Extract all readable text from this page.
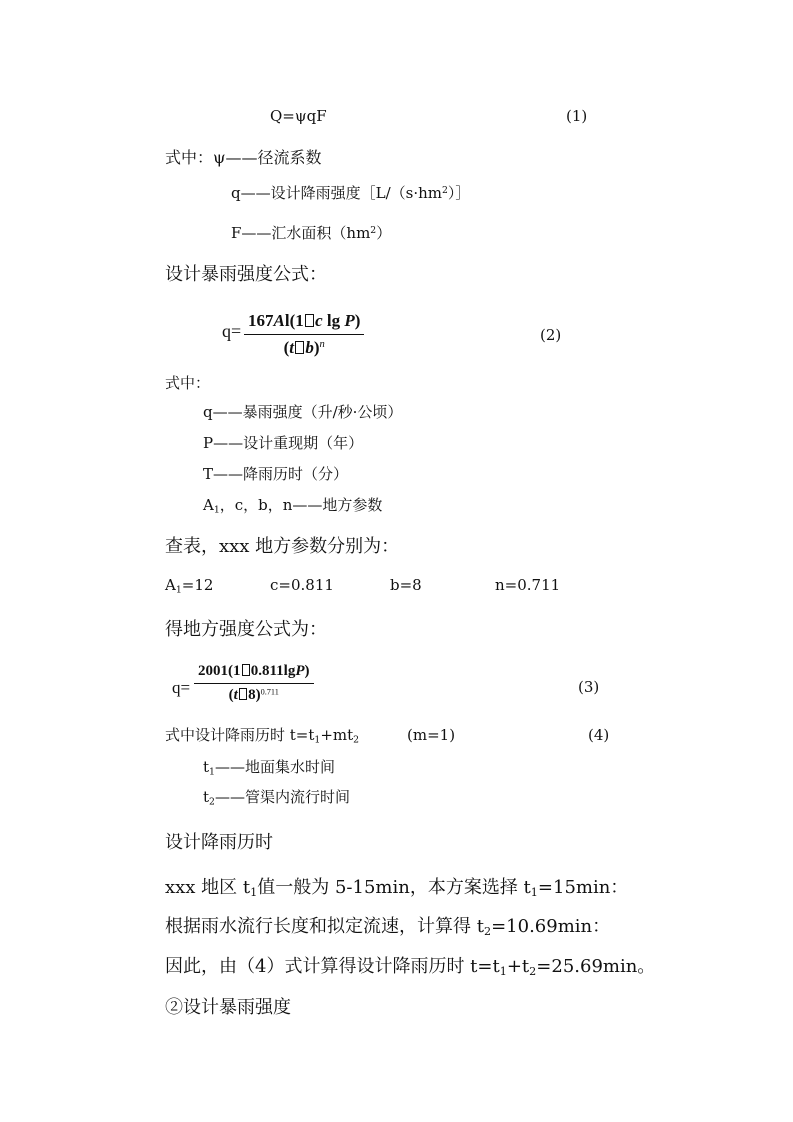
Q=ψqF	(1)
式中：ψ——径流系数
q——设计降雨强度$[L/(s\cdot hm^2)]$
F——汇水面积$(hm^2)$
设计暴雨强度公式：
q=
167Al(1 c lg P)
(t b)$^n$
(2)
式中：
q——暴雨强度（升/秒·公顷）
P——设计重现期（年）
T——降雨历时（分）
$A_1$，c，b，n——地方参数
查表，xxx 地方参数分别为：
$A_1=12$	c=0.811	b=8	n=0.711
得地方强度公式为：
q=
2001(1 0.811lgP)
(t 8)$^{0.711}$	(3)
式中设计降雨历时 $t=t_1+mt_2$	(m=1)	(4)
$t_1——$地面集水时间
$t_2——$管渠内流行时间
设计降雨历时
xxx 地区 $t_1$值一般为 5-15min，本方案选择 $t_1=15\min$：
根据雨水流行长度和拟定流速，计算得 $t_2=10.69\min$：
因此，由（4）式计算得设计降雨历时 $t=t_1+t_2=25.69\min$。
②设计暴雨强度
